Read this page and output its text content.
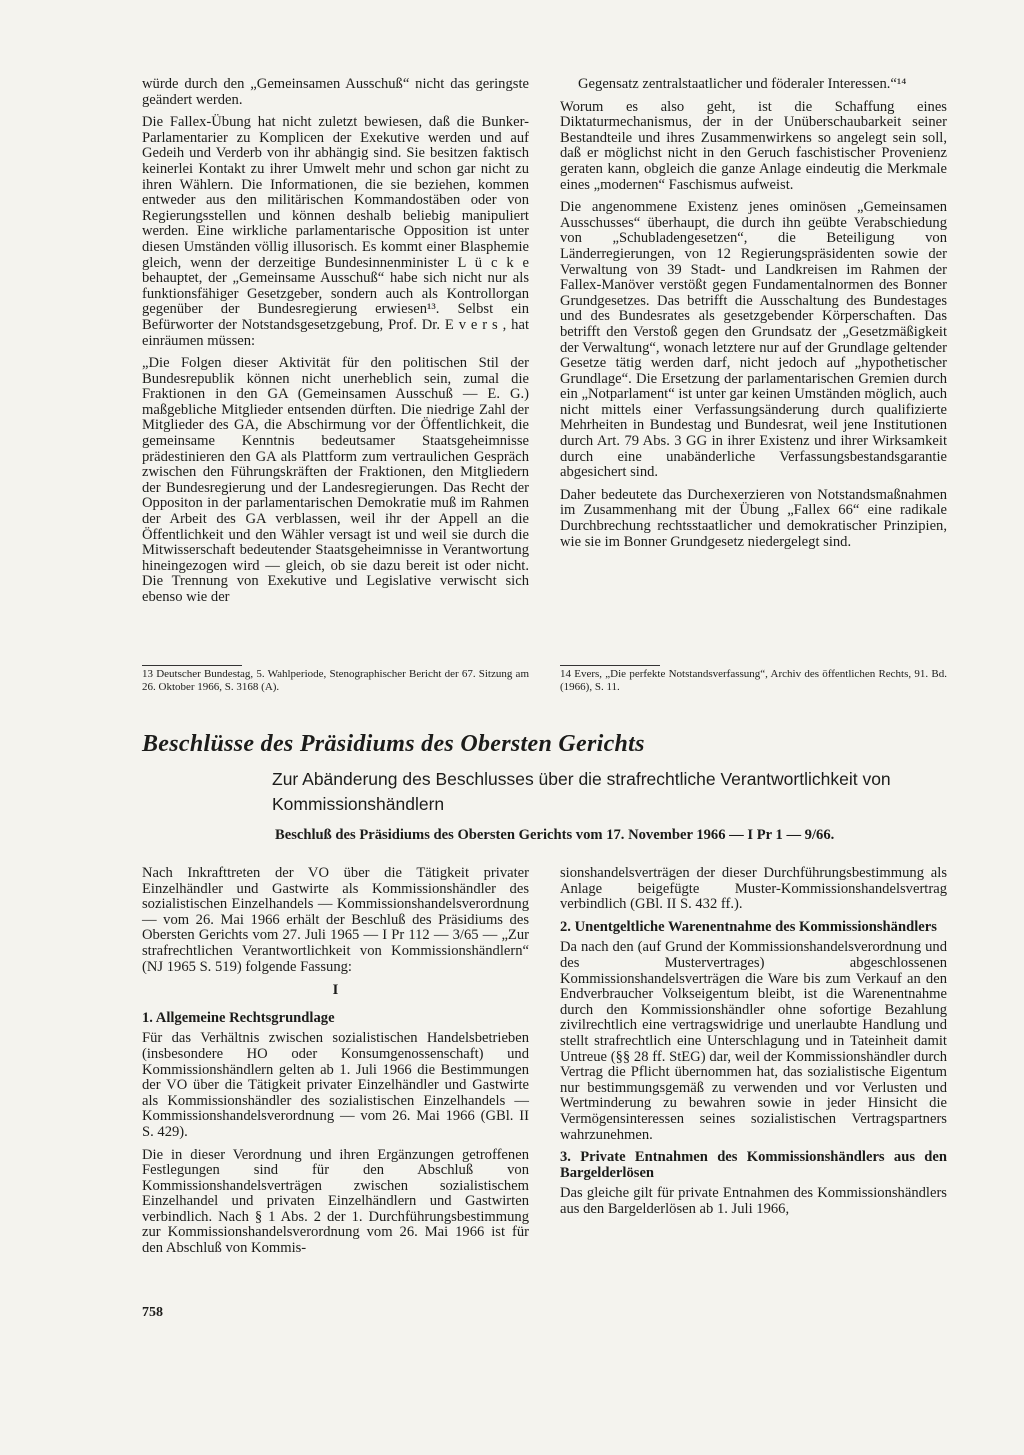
würde durch den „Gemeinsamen Ausschuß“ nicht das geringste geändert werden.

Die Fallex-Übung hat nicht zuletzt bewiesen, daß die Bunker-Parlamentarier zu Komplicen der Exekutive werden und auf Gedeih und Verderb von ihr abhängig sind. Sie besitzen faktisch keinerlei Kontakt zu ihrer Umwelt mehr und schon gar nicht zu ihren Wählern. Die Informationen, die sie beziehen, kommen entweder aus den militärischen Kommandostäben oder von Regierungsstellen und können deshalb beliebig manipuliert werden. Eine wirkliche parlamentarische Opposition ist unter diesen Umständen völlig illusorisch. Es kommt einer Blasphemie gleich, wenn der derzeitige Bundesinnenminister L ü c k e behauptet, der „Gemeinsame Ausschuß“ habe sich nicht nur als funktionsfähiger Gesetzgeber, sondern auch als Kontrollorgan gegenüber der Bundesregierung erwiesen¹³. Selbst ein Befürworter der Notstandsgesetzgebung, Prof. Dr. E v e r s , hat einräumen müssen:

„Die Folgen dieser Aktivität für den politischen Stil der Bundesrepublik können nicht unerheblich sein, zumal die Fraktionen in den GA (Gemeinsamen Ausschuß — E. G.) maßgebliche Mitglieder entsenden dürften. Die niedrige Zahl der Mitglieder des GA, die Abschirmung vor der Öffentlichkeit, die gemeinsame Kenntnis bedeutsamer Staatsgeheimnisse prädestinieren den GA als Plattform zum vertraulichen Gespräch zwischen den Führungskräften der Fraktionen, den Mitgliedern der Bundesregierung und der Landesregierungen. Das Recht der Oppositon in der parlamentarischen Demokratie muß im Rahmen der Arbeit des GA verblassen, weil ihr der Appell an die Öffentlichkeit und den Wähler versagt ist und weil sie durch die Mitwisserschaft bedeutender Staatsgeheimnisse in Verantwortung hineingezogen wird — gleich, ob sie dazu bereit ist oder nicht. Die Trennung von Exekutive und Legislative verwischt sich ebenso wie der

13 Deutscher Bundestag, 5. Wahlperiode, Stenographischer Bericht der 67. Sitzung am 26. Oktober 1966, S. 3168 (A).

Gegensatz zentralstaatlicher und föderaler Interessen.“¹⁴

Worum es also geht, ist die Schaffung eines Diktaturmechanismus, der in der Unüberschaubarkeit seiner Bestandteile und ihres Zusammenwirkens so angelegt sein soll, daß er möglichst nicht in den Geruch faschistischer Provenienz geraten kann, obgleich die ganze Anlage eindeutig die Merkmale eines „modernen“ Faschismus aufweist.

Die angenommene Existenz jenes ominösen „Gemeinsamen Ausschusses“ überhaupt, die durch ihn geübte Verabschiedung von „Schubladengesetzen“, die Beteiligung von Länderregierungen, von 12 Regierungspräsidenten sowie der Verwaltung von 39 Stadt- und Landkreisen im Rahmen der Fallex-Manöver verstößt gegen Fundamentalnormen des Bonner Grundgesetzes. Das betrifft die Ausschaltung des Bundestages und des Bundesrates als gesetzgebender Körperschaften. Das betrifft den Verstoß gegen den Grundsatz der „Gesetzmäßigkeit der Verwaltung“, wonach letztere nur auf der Grundlage geltender Gesetze tätig werden darf, nicht jedoch auf „hypothetischer Grundlage“. Die Ersetzung der parlamentarischen Gremien durch ein „Notparlament“ ist unter gar keinen Umständen möglich, auch nicht mittels einer Verfassungsänderung durch qualifizierte Mehrheiten in Bundestag und Bundesrat, weil jene Institutionen durch Art. 79 Abs. 3 GG in ihrer Existenz und ihrer Wirksamkeit durch eine unabänderliche Verfassungsbestandsgarantie abgesichert sind.

Daher bedeutete das Durchexerzieren von Notstandsmaßnahmen im Zusammenhang mit der Übung „Fallex 66“ eine radikale Durchbrechung rechtsstaatlicher und demokratischer Prinzipien, wie sie im Bonner Grundgesetz niedergelegt sind.

14 Evers, „Die perfekte Notstandsverfassung“, Archiv des öffentlichen Rechts, 91. Bd. (1966), S. 11.
Beschlüsse des Präsidiums des Obersten Gerichts
Zur Abänderung des Beschlusses über die strafrechtliche Verantwortlichkeit von Kommissionshändlern
Beschluß des Präsidiums des Obersten Gerichts vom 17. November 1966 — I Pr 1 — 9/66.

Nach Inkrafttreten der VO über die Tätigkeit privater Einzelhändler und Gastwirte als Kommissionshändler des sozialistischen Einzelhandels — Kommissionshandelsverordnung — vom 26. Mai 1966 erhält der Beschluß des Präsidiums des Obersten Gerichts vom 27. Juli 1965 — I Pr 112 — 3/65 — „Zur strafrechtlichen Verantwortlichkeit von Kommissionshändlern“ (NJ 1965 S. 519) folgende Fassung:

I
1. Allgemeine Rechtsgrundlage

Für das Verhältnis zwischen sozialistischen Handelsbetrieben (insbesondere HO oder Konsumgenossenschaft) und Kommissionshändlern gelten ab 1. Juli 1966 die Bestimmungen der VO über die Tätigkeit privater Einzelhändler und Gastwirte als Kommissionshändler des sozialistischen Einzelhandels — Kommissionshandelsverordnung — vom 26. Mai 1966 (GBl. II S. 429).

Die in dieser Verordnung und ihren Ergänzungen getroffenen Festlegungen sind für den Abschluß von Kommissionshandelsverträgen zwischen sozialistischem Einzelhandel und privaten Einzelhändlern und Gastwirten verbindlich. Nach § 1 Abs. 2 der 1. Durchführungsbestimmung zur Kommissionshandelsverordnung vom 26. Mai 1966 ist für den Abschluß von Kommis-

sionshandelsverträgen der dieser Durchführungsbestimmung als Anlage beigefügte Muster-Kommissionshandelsvertrag verbindlich (GBl. II S. 432 ff.).

2. Unentgeltliche Warenentnahme des Kommissionshändlers

Da nach den (auf Grund der Kommissionshandelsverordnung und des Mustervertrages) abgeschlossenen Kommissionshandelsverträgen die Ware bis zum Verkauf an den Endverbraucher Volkseigentum bleibt, ist die Warenentnahme durch den Kommissionshändler ohne sofortige Bezahlung zivilrechtlich eine vertragswidrige und unerlaubte Handlung und stellt strafrechtlich eine Unterschlagung und in Tateinheit damit Untreue (§§ 28 ff. StEG) dar, weil der Kommissionshändler durch Vertrag die Pflicht übernommen hat, das sozialistische Eigentum nur bestimmungsgemäß zu verwenden und vor Verlusten und Wertminderung zu bewahren sowie in jeder Hinsicht die Vermögensinteressen seines sozialistischen Vertragspartners wahrzunehmen.

3. Private Entnahmen des Kommissionshändlers aus den Bargelderlösen

Das gleiche gilt für private Entnahmen des Kommissionshändlers aus den Bargelderlösen ab 1. Juli 1966,

758
